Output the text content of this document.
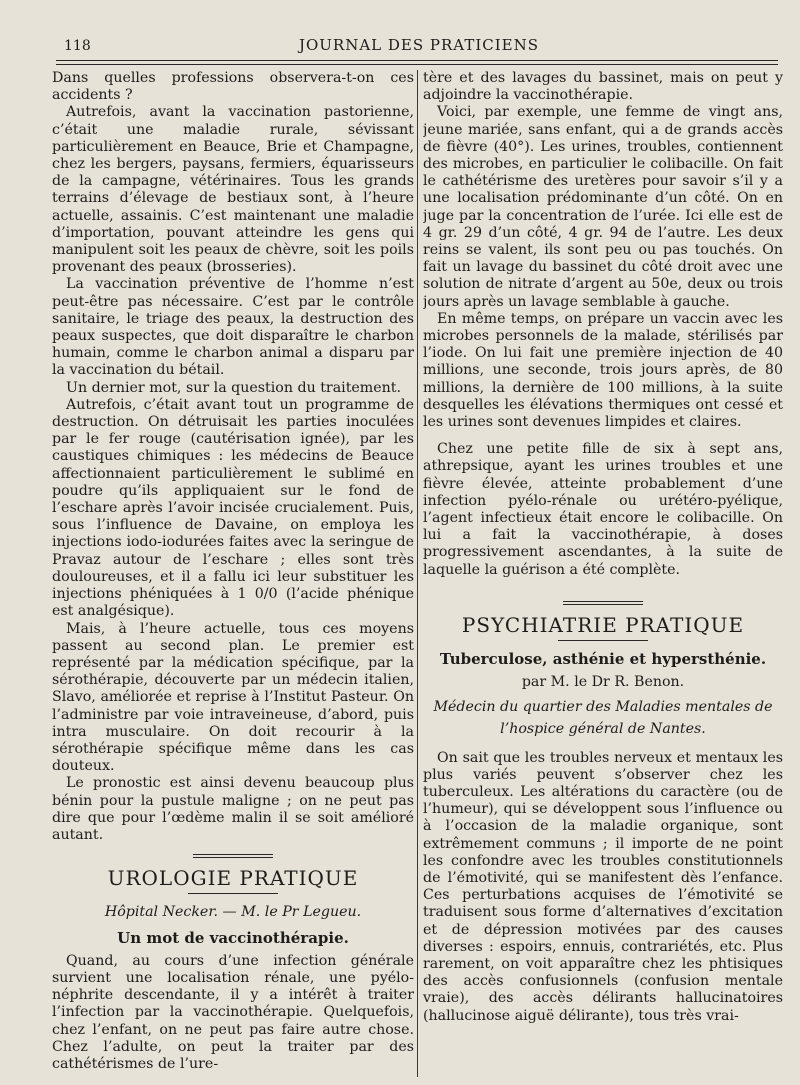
118	JOURNAL DES PRATICIENS

Dans quelles professions observera-t-on ces accidents ?

Autrefois, avant la vaccination pastorienne, c’était une maladie rurale, sévissant particulièrement en Beauce, Brie et Champagne, chez les bergers, paysans, fermiers, équarisseurs de la campagne, vétérinaires. Tous les grands terrains d’élevage de bestiaux sont, à l’heure actuelle, assainis. C’est maintenant une maladie d’importation, pouvant atteindre les gens qui manipulent soit les peaux de chèvre, soit les poils provenant des peaux (brosseries).

La vaccination préventive de l’homme n’est peut-être pas nécessaire. C’est par le contrôle sanitaire, le triage des peaux, la destruction des peaux suspectes, que doit disparaître le charbon humain, comme le charbon animal a disparu par la vaccination du bétail.

Un dernier mot, sur la question du traitement.

Autrefois, c’était avant tout un programme de destruction. On détruisait les parties inoculées par le fer rouge (cautérisation ignée), par les caustiques chimiques : les médecins de Beauce affectionnaient particulièrement le sublimé en poudre qu’ils appliquaient sur le fond de l’eschare après l’avoir incisée crucialement. Puis, sous l’influence de Davaine, on employa les injections iodo-iodurées faites avec la seringue de Pravaz autour de l’eschare ; elles sont très douloureuses, et il a fallu ici leur substituer les injections phéniquées à 1 0/0 (l’acide phénique est analgésique).

Mais, à l’heure actuelle, tous ces moyens passent au second plan. Le premier est représenté par la médication spécifique, par la sérothérapie, découverte par un médecin italien, Slavo, améliorée et reprise à l’Institut Pasteur. On l’administre par voie intraveineuse, d’abord, puis intra musculaire. On doit recourir à la sérothérapie spécifique même dans les cas douteux.

Le pronostic est ainsi devenu beaucoup plus bénin pour la pustule maligne ; on ne peut pas dire que pour l’œdème malin il se soit amélioré autant.

UROLOGIE PRATIQUE

Hôpital Necker. — M. le Pr Legueu.

Un mot de vaccinothérapie.

Quand, au cours d’une infection générale survient une localisation rénale, une pyélo-néphrite descendante, il y a intérêt à traiter l’infection par la vaccinothérapie. Quelquefois, chez l’enfant, on ne peut pas faire autre chose. Chez l’adulte, on peut la traiter par des cathétérismes de l’ure-

tère et des lavages du bassinet, mais on peut y adjoindre la vaccinothérapie.

Voici, par exemple, une femme de vingt ans, jeune mariée, sans enfant, qui a de grands accès de fièvre (40°). Les urines, troubles, contiennent des microbes, en particulier le colibacille. On fait le cathétérisme des uretères pour savoir s’il y a une localisation prédominante d’un côté. On en juge par la concentration de l’urée. Ici elle est de 4 gr. 29 d’un côté, 4 gr. 94 de l’autre. Les deux reins se valent, ils sont peu ou pas touchés. On fait un lavage du bassinet du côté droit avec une solution de nitrate d’argent au 50e, deux ou trois jours après un lavage semblable à gauche.

En même temps, on prépare un vaccin avec les microbes personnels de la malade, stérilisés par l’iode. On lui fait une première injection de 40 millions, une seconde, trois jours après, de 80 millions, la dernière de 100 millions, à la suite desquelles les élévations thermiques ont cessé et les urines sont devenues limpides et claires.

Chez une petite fille de six à sept ans, athrepsique, ayant les urines troubles et une fièvre élevée, atteinte probablement d’une infection pyélo-rénale ou urétéro-pyélique, l’agent infectieux était encore le colibacille. On lui a fait la vaccinothérapie, à doses progressivement ascendantes, à la suite de laquelle la guérison a été complète.

PSYCHIATRIE PRATIQUE

Tuberculose, asthénie et hypersthénie.

par M. le Dr R. Benon.

Médecin du quartier des Maladies mentales de l’hospice général de Nantes.

On sait que les troubles nerveux et mentaux les plus variés peuvent s’observer chez les tuberculeux. Les altérations du caractère (ou de l’humeur), qui se développent sous l’influence ou à l’occasion de la maladie organique, sont extrêmement communs ; il importe de ne point les confondre avec les troubles constitutionnels de l’émotivité, qui se manifestent dès l’enfance. Ces perturbations acquises de l’émotivité se traduisent sous forme d’alternatives d’excitation et de dépression motivées par des causes diverses : espoirs, ennuis, contrariétés, etc. Plus rarement, on voit apparaître chez les phtisiques des accès confusionnels (confusion mentale vraie), des accès délirants hallucinatoires (hallucinose aiguë délirante), tous très vrai-
